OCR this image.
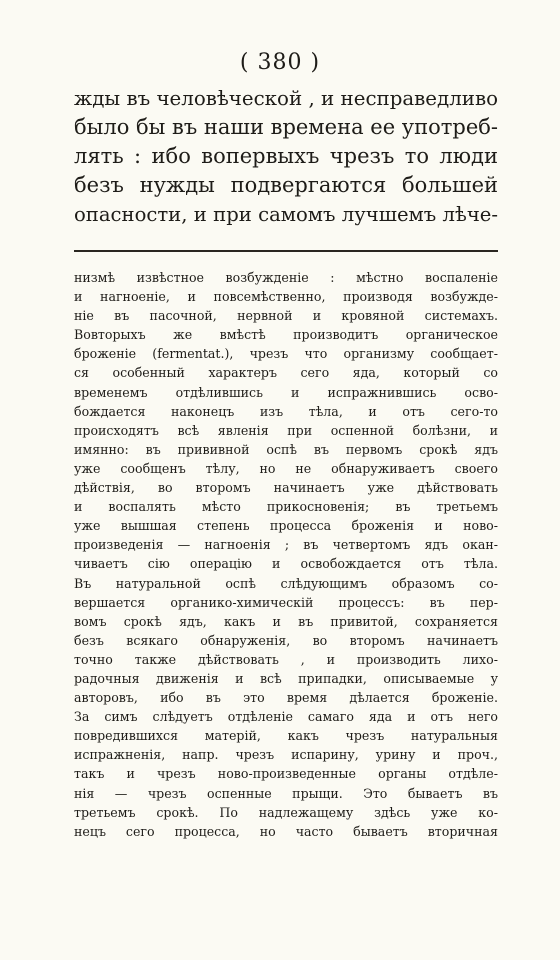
( 380 )
жды въ человѣческой , и несправедливо
было бы въ наши времена ее употреб-
лять : ибо вопервыхъ чрезъ то люди
безъ нужды подвергаются большей
опасности, и при самомъ лучшемъ лѣче-
низмѣ извѣстное возбужденіе : мѣстно воспаленіе
и нагноеніе, и повсемѣственно, производя возбужде-
ніе въ пасочной, нервной и кровяной системахъ.
Вовторыхъ же вмѣстѣ производитъ органическое
броженіе (fermentat.), чрезъ что организму сообщает-
ся особенный характеръ сего яда, который со
временемъ отдѣлившись и испражнившись осво-
бождается наконецъ изъ тѣла, и отъ сего-то
происходятъ всѣ явленія при оспенной болѣзни, и
имянно: въ прививной оспѣ въ первомъ срокѣ ядъ
уже сообщенъ тѣлу, но не обнаруживаетъ своего
дѣйствія, во второмъ начинаетъ уже дѣйствовать
и воспалять мѣсто прикосновенія; въ третьемъ
уже вышшая степень процесса броженія и ново-
произведенія — нагноенія ; въ четвертомъ ядъ окан-
чиваетъ сію операцію и освобождается отъ тѣла.
Въ натуральной оспѣ слѣдующимъ образомъ со-
вершается органико-химическій процессъ: въ пер-
вомъ срокѣ ядъ, какъ и въ привитой, сохраняется
безъ всякаго обнаруженія, во второмъ начинаетъ
точно также дѣйствовать , и производить лихо-
радочныя движенія и всѣ припадки, описываемые у
авторовъ, ибо въ это время дѣлается броженіе.
За симъ слѣдуетъ отдѣленіе самаго яда и отъ него
повредившихся матерій, какъ чрезъ натуральныя
испражненія, напр. чрезъ испарину, урину и проч.,
такъ и чрезъ ново-произведенные органы отдѣле-
нія — чрезъ оспенные прыщи. Это бываетъ въ
третьемъ срокѣ. По надлежащему здѣсь уже ко-
нецъ сего процесса, но часто бываетъ вторичная
